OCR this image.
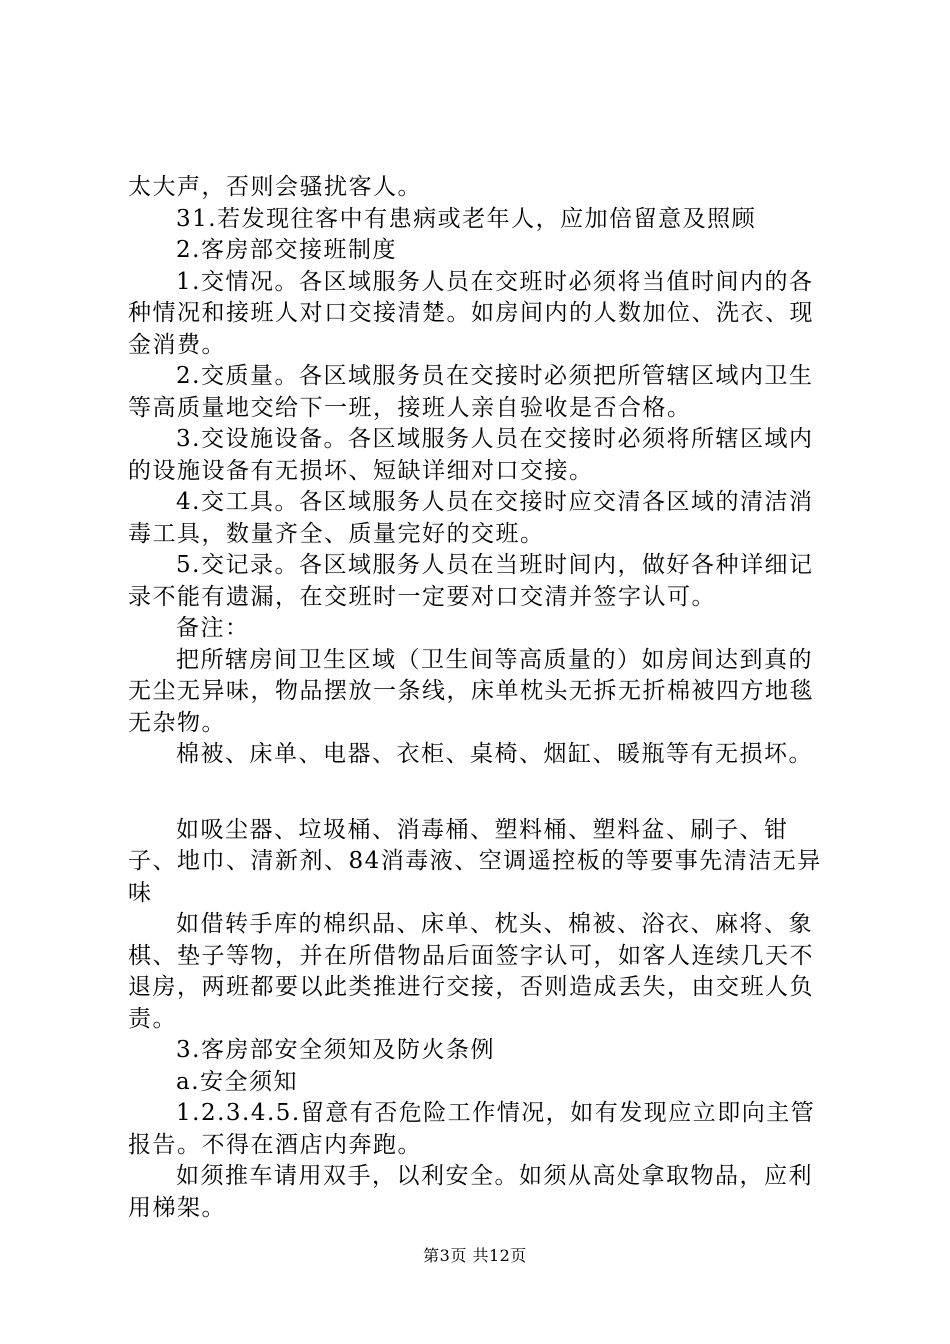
太大声，否则会骚扰客人。

31.若发现往客中有患病或老年人，应加倍留意及照顾

2.客房部交接班制度

1.交情况。各区域服务人员在交班时必须将当值时间内的各种情况和接班人对口交接清楚。如房间内的人数加位、洗衣、现金消费。

2.交质量。各区域服务员在交接时必须把所管辖区域内卫生等高质量地交给下一班，接班人亲自验收是否合格。

3.交设施设备。各区域服务人员在交接时必须将所辖区域内的设施设备有无损坏、短缺详细对口交接。

4.交工具。各区域服务人员在交接时应交清各区域的清洁消毒工具，数量齐全、质量完好的交班。

5.交记录。各区域服务人员在当班时间内，做好各种详细记录不能有遗漏，在交班时一定要对口交清并签字认可。

备注：

把所辖房间卫生区域（卫生间等高质量的）如房间达到真的无尘无异味，物品摆放一条线，床单枕头无拆无折棉被四方地毯无杂物。

棉被、床单、电器、衣柜、桌椅、烟缸、暖瓶等有无损坏。

如吸尘器、垃圾桶、消毒桶、塑料桶、塑料盆、刷子、钳子、地巾、清新剂、84消毒液、空调遥控板的等要事先清洁无异味

如借转手库的棉织品、床单、枕头、棉被、浴衣、麻将、象棋、垫子等物，并在所借物品后面签字认可，如客人连续几天不退房，两班都要以此类推进行交接，否则造成丢失，由交班人负责。

3.客房部安全须知及防火条例

a.安全须知

1.2.3.4.5.留意有否危险工作情况，如有发现应立即向主管报告。不得在酒店内奔跑。

如须推车请用双手，以利安全。如须从高处拿取物品，应利用梯架。

第3页 共12页
